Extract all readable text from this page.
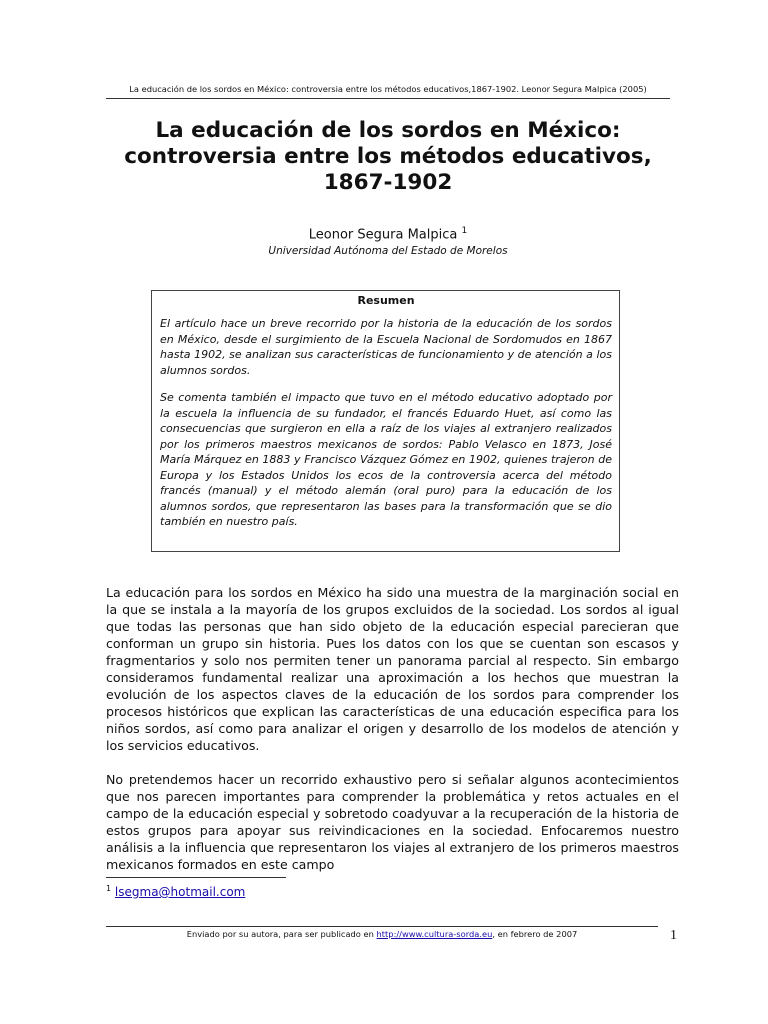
La educación de los sordos en México: controversia entre los métodos educativos,1867-1902. Leonor Segura Malpica (2005)
La educación de los sordos en México:
controversia entre los métodos educativos,
1867-1902
Leonor Segura Malpica $^1$
Universidad Autónoma del Estado de Morelos
Resumen

El artículo hace un breve recorrido por la historia de la educación de los sordos en México, desde el surgimiento de la Escuela Nacional de Sordomudos en 1867 hasta 1902, se analizan sus características de funcionamiento y de atención a los alumnos sordos.

Se comenta también el impacto que tuvo en el método educativo adoptado por la escuela la influencia de su fundador, el francés Eduardo Huet, así como las consecuencias que surgieron en ella a raíz de los viajes al extranjero realizados por los primeros maestros mexicanos de sordos: Pablo Velasco en 1873, José María Márquez en 1883 y Francisco Vázquez Gómez en 1902, quienes trajeron de Europa y los Estados Unidos los ecos de la controversia acerca del método francés (manual) y el método alemán (oral puro) para la educación de los alumnos sordos, que representaron las bases para la transformación que se dio también en nuestro país.

La educación para los sordos en México ha sido una muestra de la marginación social en la que se instala a la mayoría de los grupos excluidos de la sociedad. Los sordos al igual que todas las personas que han sido objeto de la educación especial parecieran que conforman un grupo sin historia. Pues los datos con los que se cuentan son escasos y fragmentarios y solo nos permiten tener un panorama parcial al respecto. Sin embargo consideramos fundamental realizar una aproximación a los hechos que muestran la evolución de los aspectos claves de la educación de los sordos para comprender los procesos históricos que explican las características de una educación especifica para los niños sordos, así como para analizar el origen y desarrollo de los modelos de atención y los servicios educativos.

No pretendemos hacer un recorrido exhaustivo pero si señalar algunos acontecimientos que nos parecen importantes para comprender la problemática y retos actuales en el campo de la educación especial y sobretodo coadyuvar a la recuperación de la historia de estos grupos para apoyar sus reivindicaciones en la sociedad. Enfocaremos nuestro análisis a la influencia que representaron los viajes al extranjero de los primeros maestros mexicanos formados en este campo

$^1$ lsegma@hotmail.com
Enviado por su autora, para ser publicado en http://www.cultura-sorda.eu, en febrero de 2007	1
